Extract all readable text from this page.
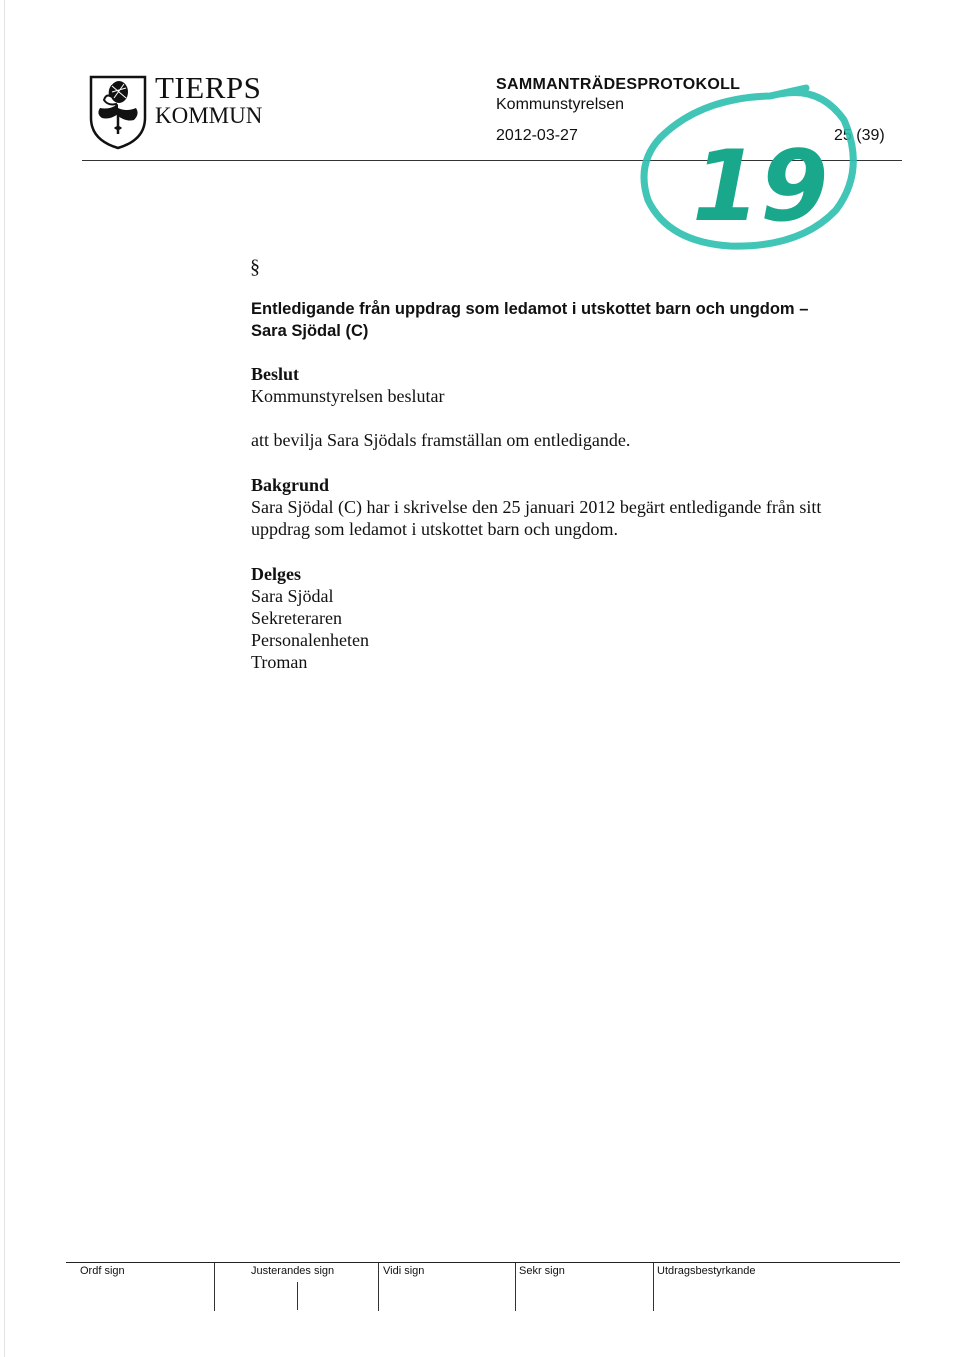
TIERPS
KOMMUN
SAMMANTRÄDESPROTOKOLL
Kommunstyrelsen
2012-03-27	25 (39)
19
§
Entledigande från uppdrag som ledamot i utskottet barn och ungdom –
Sara Sjödal (C)
Beslut
Kommunstyrelsen beslutar
att bevilja Sara Sjödals framställan om entledigande.
Bakgrund
Sara Sjödal (C) har i skrivelse den 25 januari 2012 begärt entledigande från sitt
uppdrag som ledamot i utskottet barn och ungdom.
Delges
Sara Sjödal
Sekreteraren
Personalenheten
Troman
Ordf sign	Justerandes sign	Vidi sign	Sekr sign	Utdragsbestyrkande
